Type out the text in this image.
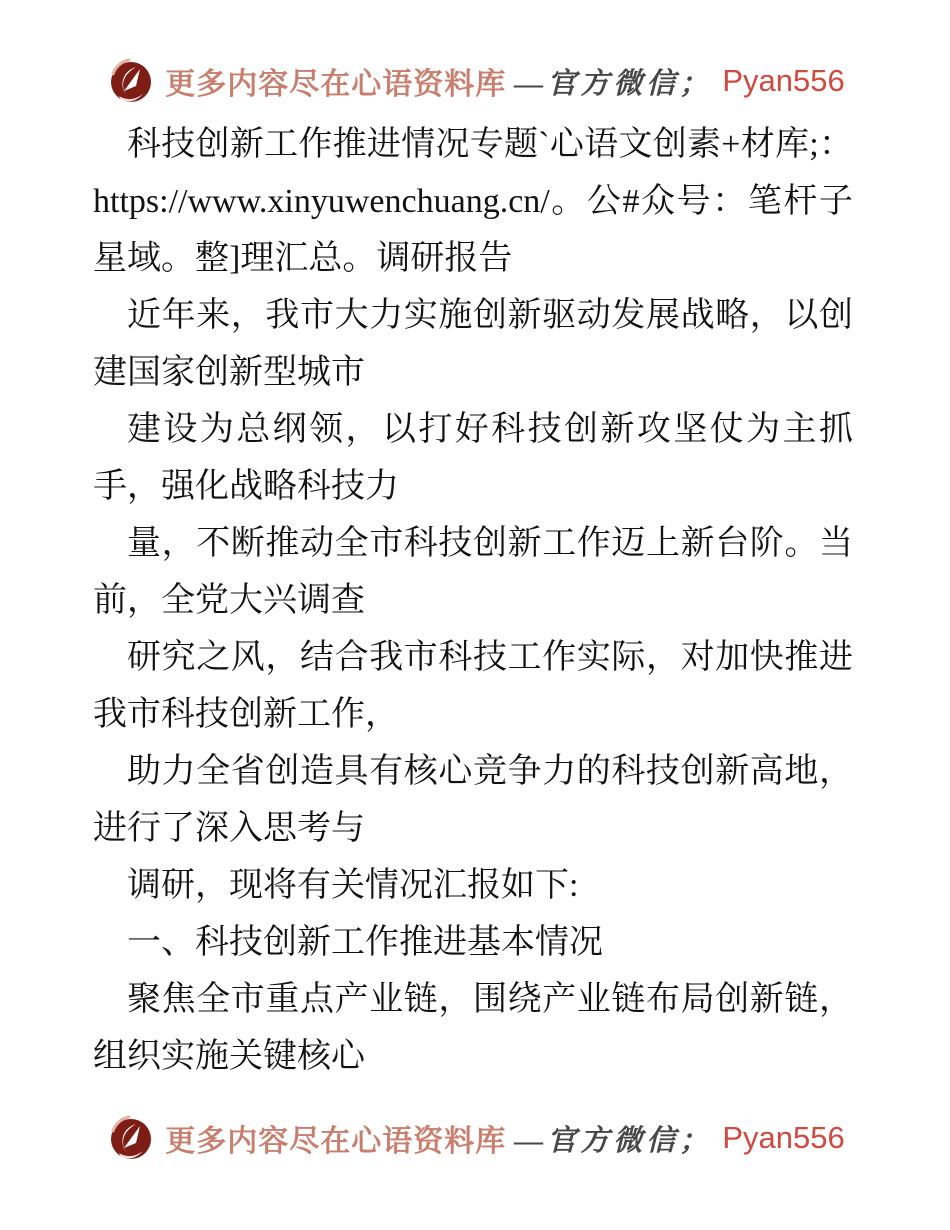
更多内容尽在心语资料库 —官方微信； Pyan556

科技创新工作推进情况专题`心语文创素+材库;：https://www.xinyuwenchuang.cn/。公#众号：笔杆子星域。整]理汇总。调研报告

近年来，我市大力实施创新驱动发展战略，以创建国家创新型城市

建设为总纲领，以打好科技创新攻坚仗为主抓手，强化战略科技力

量，不断推动全市科技创新工作迈上新台阶。当前，全党大兴调查

研究之风，结合我市科技工作实际，对加快推进我市科技创新工作，

助力全省创造具有核心竞争力的科技创新高地，进行了深入思考与

调研，现将有关情况汇报如下:

一、科技创新工作推进基本情况

聚焦全市重点产业链，围绕产业链布局创新链，组织实施关键核心

更多内容尽在心语资料库 —官方微信； Pyan556
